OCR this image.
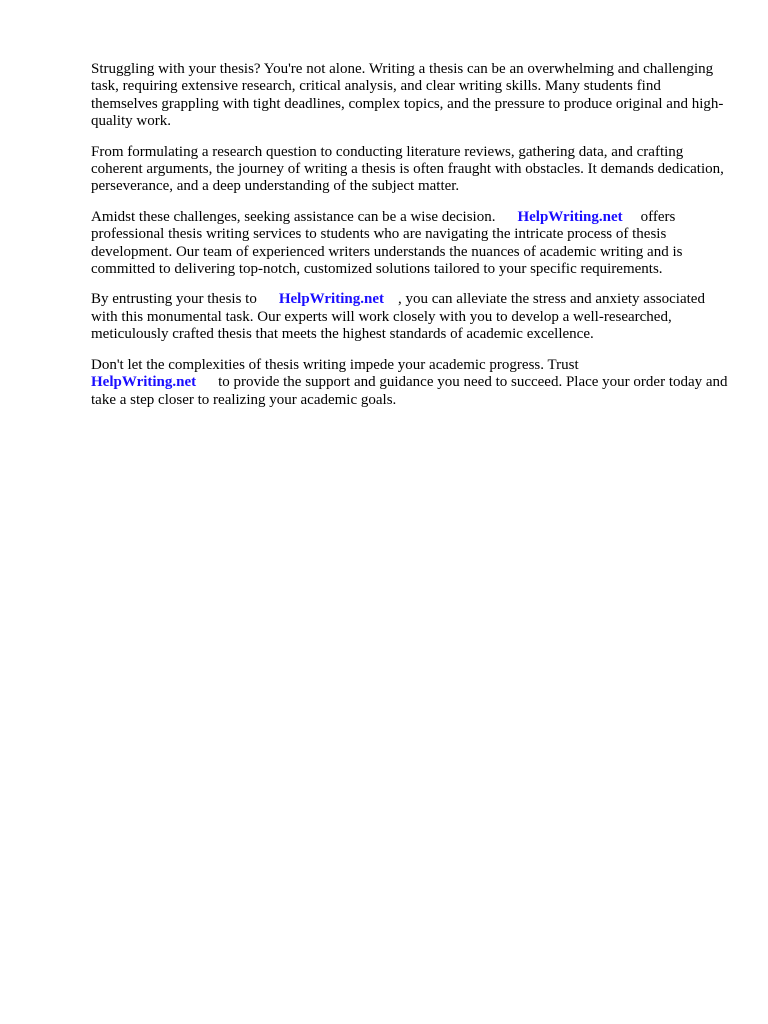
Struggling with your thesis? You're not alone. Writing a thesis can be an overwhelming and challenging task, requiring extensive research, critical analysis, and clear writing skills. Many students find themselves grappling with tight deadlines, complex topics, and the pressure to produce original and high-quality work.

From formulating a research question to conducting literature reviews, gathering data, and crafting coherent arguments, the journey of writing a thesis is often fraught with obstacles. It demands dedication, perseverance, and a deep understanding of the subject matter.

Amidst these challenges, seeking assistance can be a wise decision. HelpWriting.net offers professional thesis writing services to students who are navigating the intricate process of thesis development. Our team of experienced writers understands the nuances of academic writing and is committed to delivering top-notch, customized solutions tailored to your specific requirements.

By entrusting your thesis to HelpWriting.net , you can alleviate the stress and anxiety associated with this monumental task. Our experts will work closely with you to develop a well-researched, meticulously crafted thesis that meets the highest standards of academic excellence.

Don't let the complexities of thesis writing impede your academic progress. Trust
HelpWriting.net to provide the support and guidance you need to succeed. Place your order today and take a step closer to realizing your academic goals.
